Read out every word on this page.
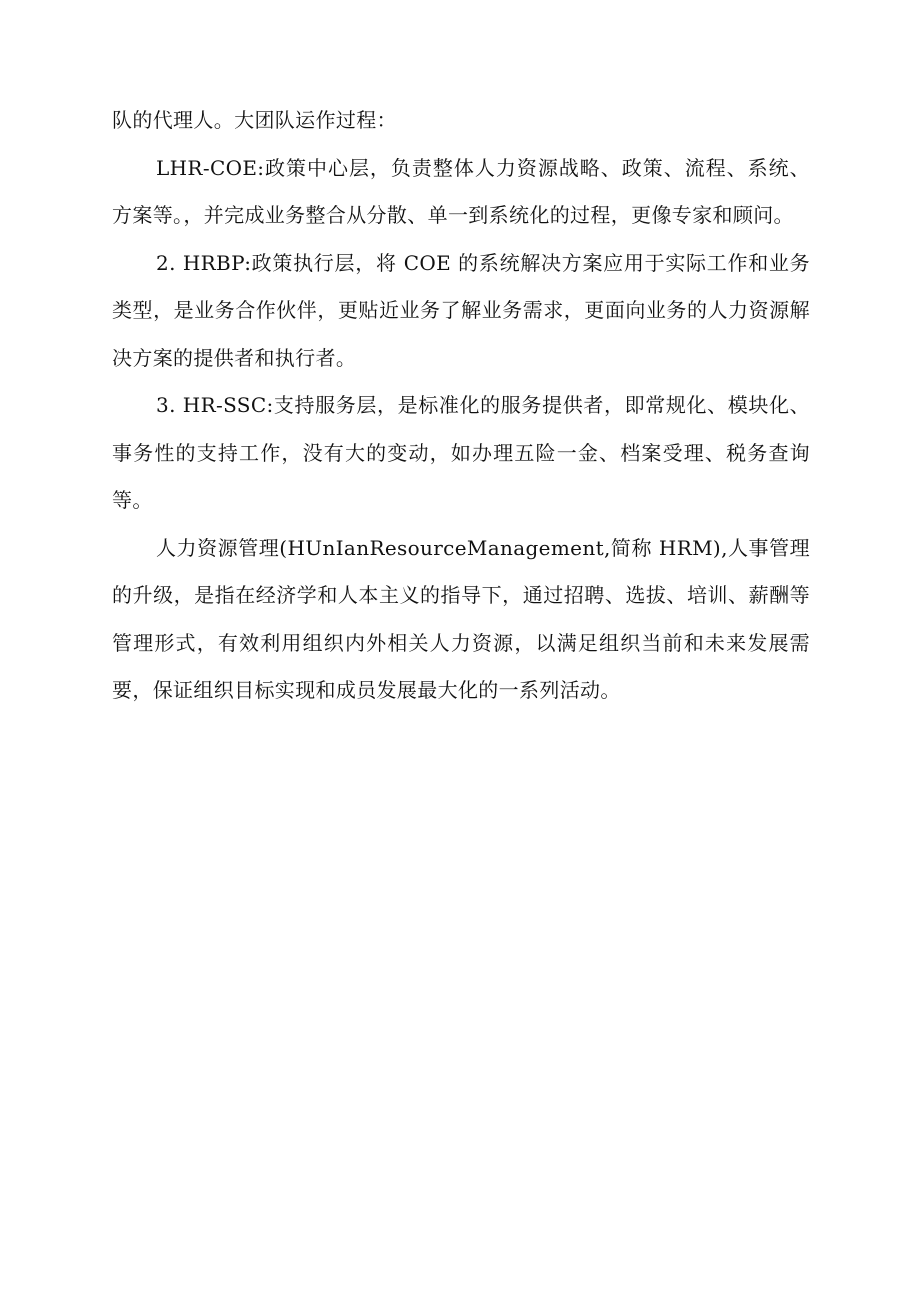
队的代理人。大团队运作过程：

LHR-COE:政策中心层，负责整体人力资源战略、政策、流程、系统、方案等。，并完成业务整合从分散、单一到系统化的过程，更像专家和顾问。

2. HRBP:政策执行层，将 COE 的系统解决方案应用于实际工作和业务类型，是业务合作伙伴，更贴近业务了解业务需求，更面向业务的人力资源解决方案的提供者和执行者。

3. HR-SSC:支持服务层，是标准化的服务提供者，即常规化、模块化、事务性的支持工作，没有大的变动，如办理五险一金、档案受理、税务查询等。

人力资源管理(HUnIanResourceManagement,简称 HRM),人事管理的升级，是指在经济学和人本主义的指导下，通过招聘、选拔、培训、薪酬等管理形式，有效利用组织内外相关人力资源，以满足组织当前和未来发展需要，保证组织目标实现和成员发展最大化的一系列活动。
